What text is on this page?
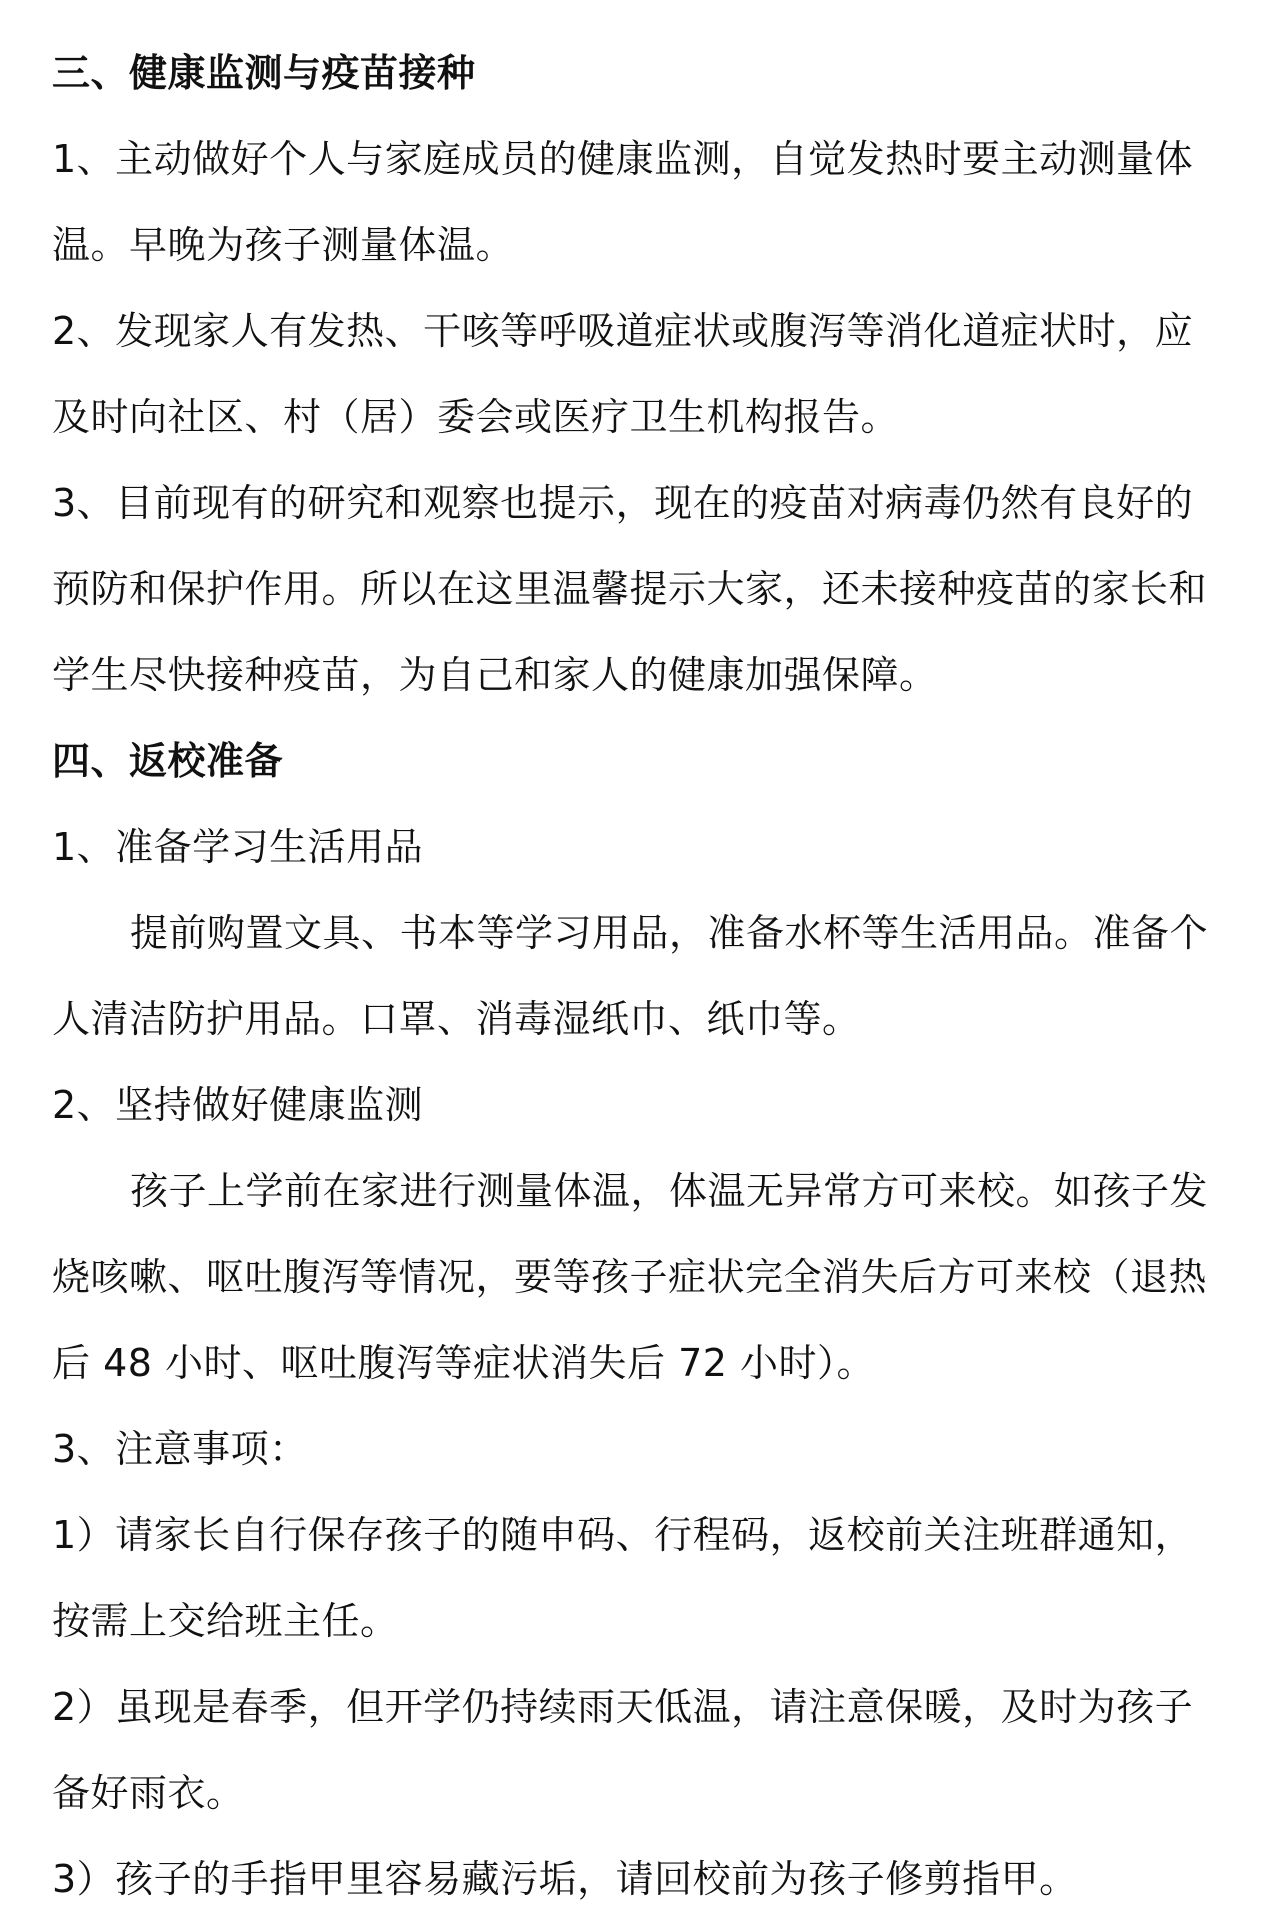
三、健康监测与疫苗接种
1、主动做好个人与家庭成员的健康监测，自觉发热时要主动测量体
温。早晚为孩子测量体温。
2、发现家人有发热、干咳等呼吸道症状或腹泻等消化道症状时，应
及时向社区、村（居）委会或医疗卫生机构报告。
3、目前现有的研究和观察也提示，现在的疫苗对病毒仍然有良好的
预防和保护作用。所以在这里温馨提示大家，还未接种疫苗的家长和
学生尽快接种疫苗，为自己和家人的健康加强保障。
四、返校准备
1、准备学习生活用品
提前购置文具、书本等学习用品，准备水杯等生活用品。准备个
人清洁防护用品。口罩、消毒湿纸巾、纸巾等。
2、坚持做好健康监测
孩子上学前在家进行测量体温，体温无异常方可来校。如孩子发
烧咳嗽、呕吐腹泻等情况，要等孩子症状完全消失后方可来校（退热
后 48 小时、呕吐腹泻等症状消失后 72 小时）。
3、注意事项：
1）请家长自行保存孩子的随申码、行程码，返校前关注班群通知，
按需上交给班主任。
2）虽现是春季，但开学仍持续雨天低温，请注意保暖，及时为孩子
备好雨衣。
3）孩子的手指甲里容易藏污垢，请回校前为孩子修剪指甲。
